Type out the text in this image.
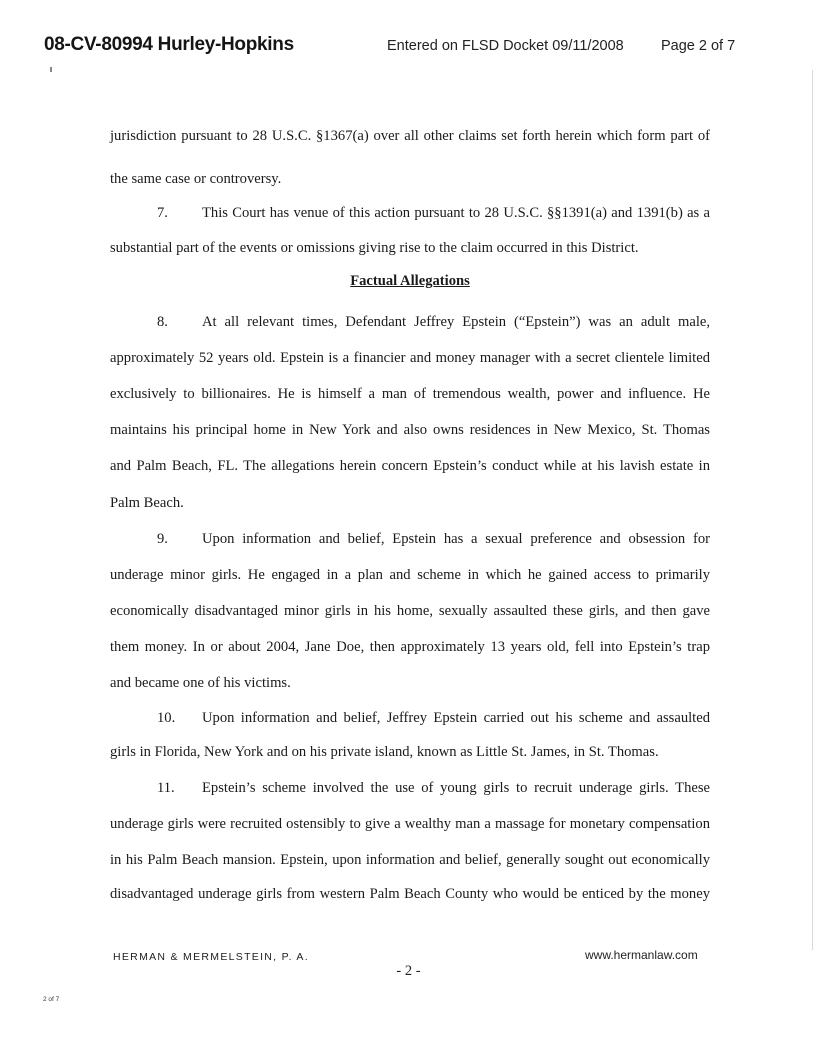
08-CV-80994 Hurley-Hopkins	Entered on FLSD Docket 09/11/2008	Page 2 of 7
jurisdiction pursuant to 28 U.S.C. §1367(a) over all other claims set forth herein which form part of
the same case or controversy.
7. This Court has venue of this action pursuant to 28 U.S.C. §§1391(a) and 1391(b) as a
substantial part of the events or omissions giving rise to the claim occurred in this District.
Factual Allegations
8. At all relevant times, Defendant Jeffrey Epstein (“Epstein”) was an adult male,
approximately 52 years old. Epstein is a financier and money manager with a secret clientele limited
exclusively to billionaires. He is himself a man of tremendous wealth, power and influence. He
maintains his principal home in New York and also owns residences in New Mexico, St. Thomas
and Palm Beach, FL. The allegations herein concern Epstein’s conduct while at his lavish estate in
Palm Beach.
9. Upon information and belief, Epstein has a sexual preference and obsession for
underage minor girls. He engaged in a plan and scheme in which he gained access to primarily
economically disadvantaged minor girls in his home, sexually assaulted these girls, and then gave
them money. In or about 2004, Jane Doe, then approximately 13 years old, fell into Epstein’s trap
and became one of his victims.
10. Upon information and belief, Jeffrey Epstein carried out his scheme and assaulted
girls in Florida, New York and on his private island, known as Little St. James, in St. Thomas.
11. Epstein’s scheme involved the use of young girls to recruit underage girls. These
underage girls were recruited ostensibly to give a wealthy man a massage for monetary compensation
in his Palm Beach mansion. Epstein, upon information and belief, generally sought out economically
disadvantaged underage girls from western Palm Beach County who would be enticed by the money
HERMAN & MERMELSTEIN, P. A.	www.hermanlaw.com
- 2 -
2 of 7
